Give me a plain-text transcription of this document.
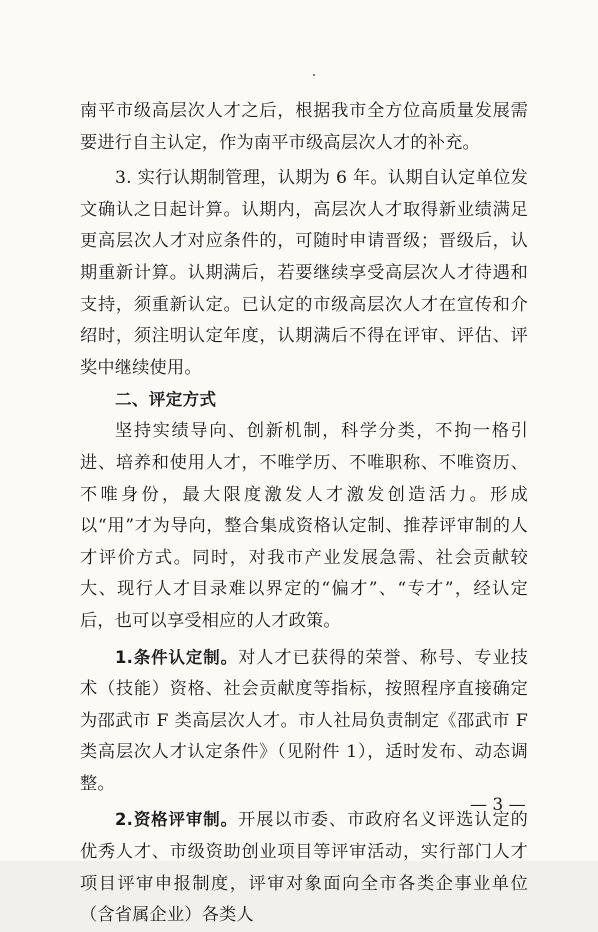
南平市级高层次人才之后，根据我市全方位高质量发展需要进行自主认定，作为南平市级高层次人才的补充。

3. 实行认期制管理，认期为 6 年。认期自认定单位发文确认之日起计算。认期内，高层次人才取得新业绩满足更高层次人才对应条件的，可随时申请晋级；晋级后，认期重新计算。认期满后，若要继续享受高层次人才待遇和支持，须重新认定。已认定的市级高层次人才在宣传和介绍时，须注明认定年度，认期满后不得在评审、评估、评奖中继续使用。

二、评定方式

坚持实绩导向、创新机制，科学分类，不拘一格引进、培养和使用人才，不唯学历、不唯职称、不唯资历、不唯身份，最大限度激发人才激发创造活力。形成以“用”才为导向，整合集成资格认定制、推荐评审制的人才评价方式。同时，对我市产业发展急需、社会贡献较大、现行人才目录难以界定的“偏才”、“专才”，经认定后，也可以享受相应的人才政策。

1.条件认定制。对人才已获得的荣誉、称号、专业技术（技能）资格、社会贡献度等指标，按照程序直接确定为邵武市 F 类高层次人才。市人社局负责制定《邵武市 F 类高层次人才认定条件》（见附件 1），适时发布、动态调整。

2.资格评审制。开展以市委、市政府名义评选认定的优秀人才、市级资助创业项目等评审活动，实行部门人才项目评审申报制度，评审对象面向全市各类企事业单位（含省属企业）各类人

— 3 —
